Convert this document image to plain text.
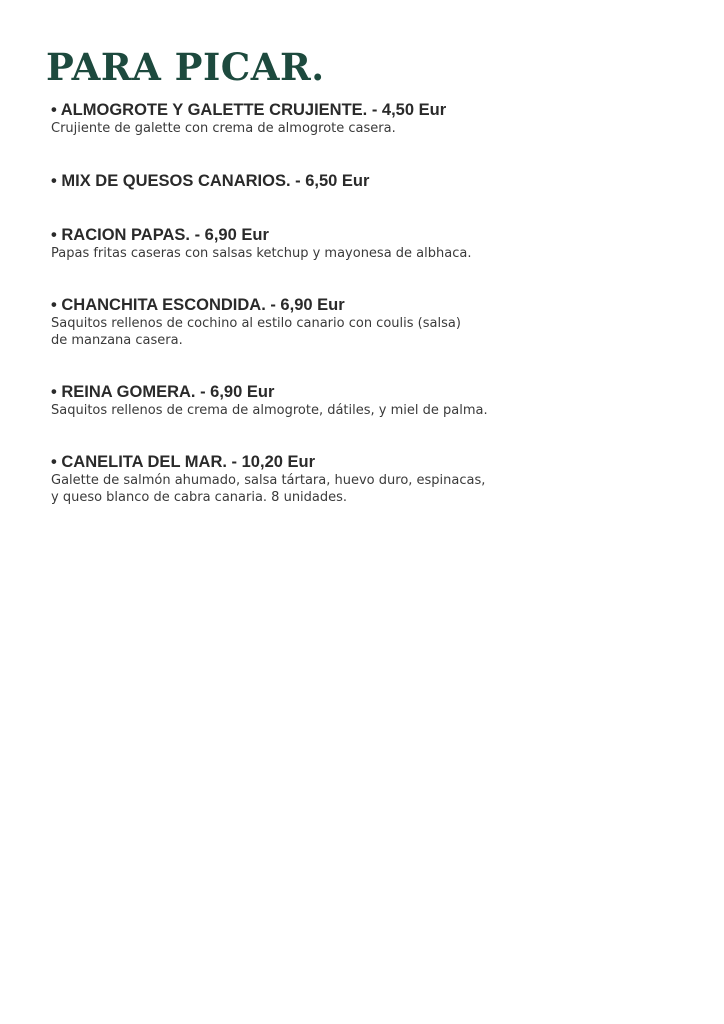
PARA PICAR.

• ALMOGROTE Y GALETTE CRUJIENTE. - 4,50 Eur

Crujiente de galette con crema de almogrote casera.

• MIX DE QUESOS CANARIOS. - 6,50 Eur

• RACION PAPAS. - 6,90 Eur

Papas fritas caseras con salsas ketchup y mayonesa de albhaca.

• CHANCHITA ESCONDIDA. - 6,90 Eur

Saquitos rellenos de cochino al estilo canario con coulis (salsa)
de manzana casera.

• REINA GOMERA. - 6,90 Eur

Saquitos rellenos de crema de almogrote, dátiles, y miel de palma.

• CANELITA DEL MAR. - 10,20 Eur

Galette de salmón ahumado, salsa tártara, huevo duro, espinacas,
y queso blanco de cabra canaria. 8 unidades.
